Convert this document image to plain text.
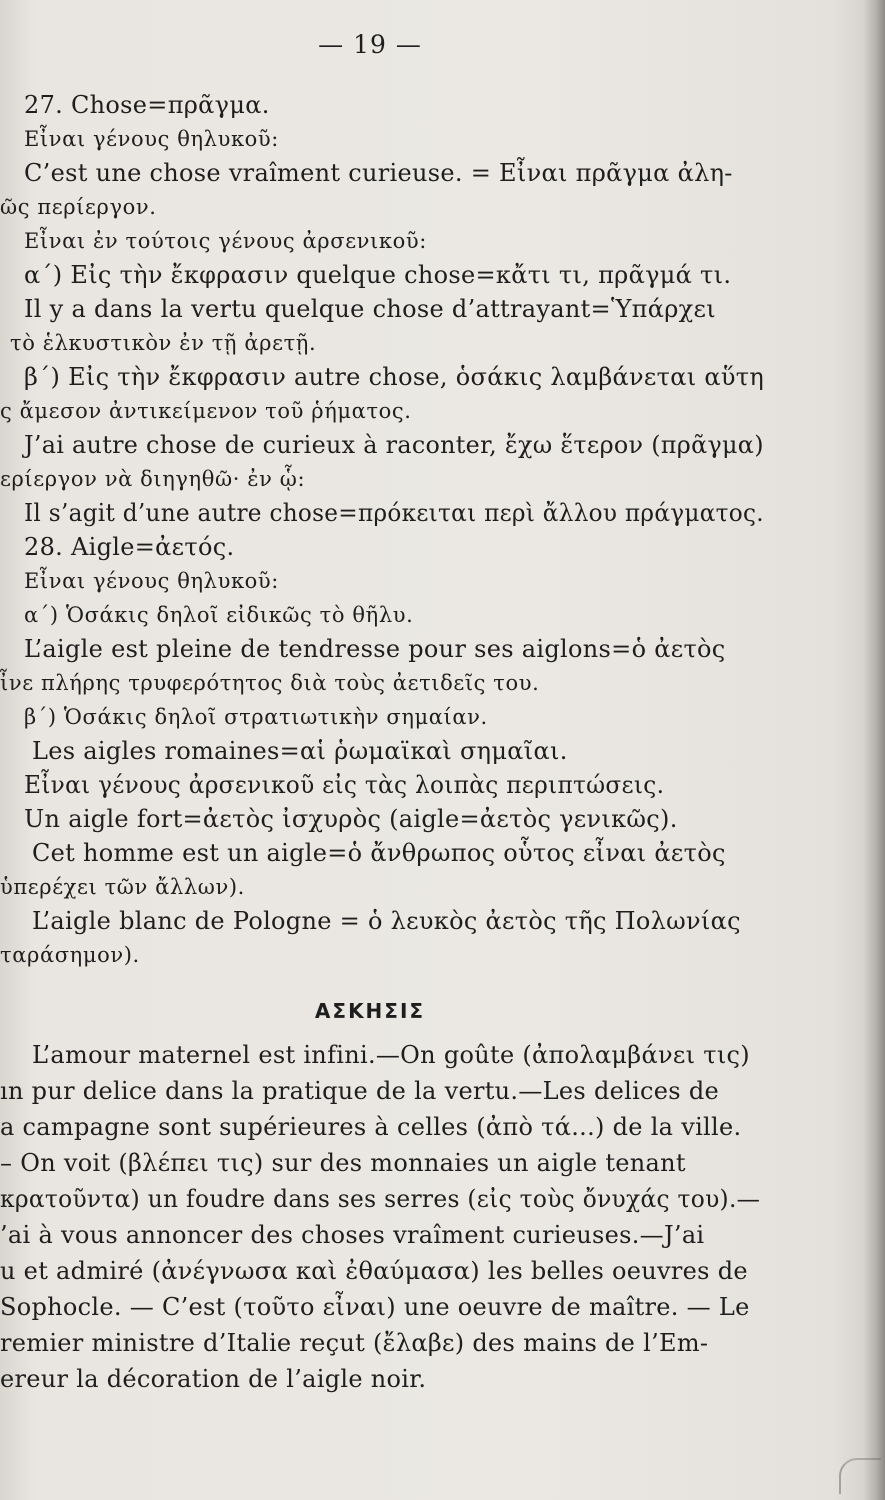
— 19 —
27. Chose=πρᾶγμα.
Εἶναι γένους θηλυκοῦ:
C’est une chose vraîment curieuse. = Εἶναι πρᾶγμα ἀλη-
ῶς περίεργον.
Εἶναι ἐν τούτοις γένους ἀρσενικοῦ:
α΄) Εἰς τὴν ἔκφρασιν quelque chose=κἄτι τι, πρᾶγμά τι.
Il y a dans la vertu quelque chose d’attrayant=Ὑπάρχει
τὸ ἑλκυστικὸν ἐν τῇ ἀρετῇ.
β΄) Εἰς τὴν ἔκφρασιν autre chose, ὁσάκις λαμβάνεται αὕτη
ς ἄμεσον ἀντικείμενον τοῦ ῥήματος.
J’ai autre chose de curieux à raconter, ἔχω ἕτερον (πρᾶγμα)
ερίεργον νὰ διηγηθῶ· ἐν ᾧ:
Il s’agit d’une autre chose=πρόκειται περὶ ἄλλου πράγματος.
28. Aigle=ἀετός.
Εἶναι γένους θηλυκοῦ:
α΄) Ὁσάκις δηλοῖ εἰδικῶς τὸ θῆλυ.
L’aigle est pleine de tendresse pour ses aiglons=ὁ ἀετὸς
ἶνε πλήρης τρυφερότητος διὰ τοὺς ἀετιδεῖς του.
β΄) Ὁσάκις δηλοῖ στρατιωτικὴν σημαίαν.
Les aigles romaines=αἱ ῥωμαϊκαὶ σημαῖαι.
Εἶναι γένους ἀρσενικοῦ εἰς τὰς λοιπὰς περιπτώσεις.
Un aigle fort=ἀετὸς ἰσχυρὸς (aigle=ἀετὸς γενικῶς).
Cet homme est un aigle=ὁ ἄνθρωπος οὗτος εἶναι ἀετὸς
ὑπερέχει τῶν ἄλλων).
L’aigle blanc de Pologne = ὁ λευκὸς ἀετὸς τῆς Πολωνίας
ταράσημον).
ΑΣΚΗΣΙΣ
L’amour maternel est infini.—On goûte (ἀπολαμβάνει τις)
ın pur delice dans la pratique de la vertu.—Les delices de
a campagne sont supérieures à celles (ἀπὸ τά...) de la ville.
– On voit (βλέπει τις) sur des monnaies un aigle tenant
κρατοῦντα) un foudre dans ses serres (εἰς τοὺς ὄνυχάς του).—
’ai à vous annoncer des choses vraîment curieuses.—J’ai
u et admiré (ἀνέγνωσα καὶ ἐθαύμασα) les belles oeuvres de
Sophocle. — C’est (τοῦτο εἶναι) une oeuvre de maître. — Le
remier ministre d’Italie reçut (ἔλαβε) des mains de l’Em-
ereur la décoration de l’aigle noir.
